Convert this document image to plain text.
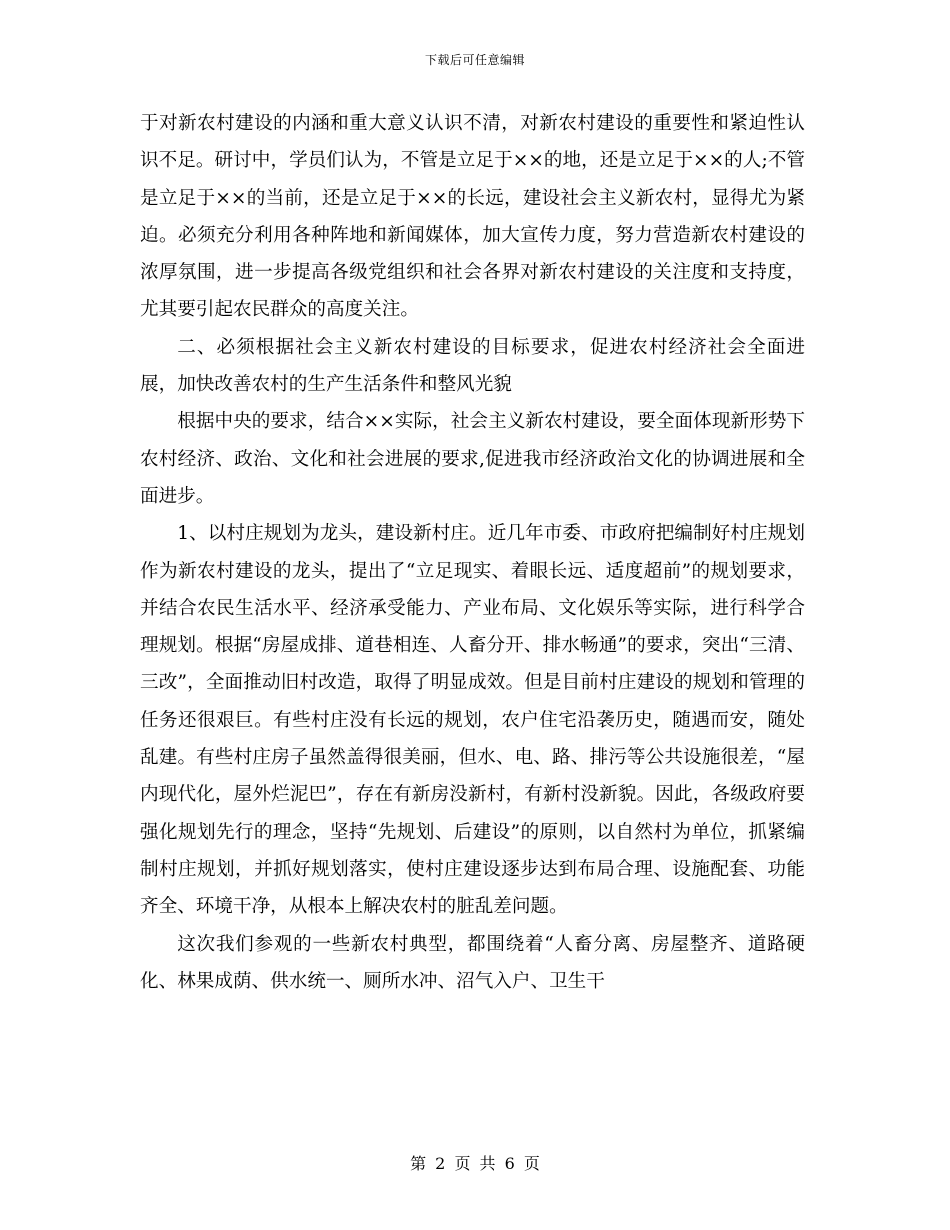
下载后可任意编辑

于对新农村建设的内涵和重大意义认识不清，对新农村建设的重要性和紧迫性认识不足。研讨中，学员们认为，不管是立足于××的地，还是立足于××的人;不管是立足于××的当前，还是立足于××的长远，建设社会主义新农村，显得尤为紧迫。必须充分利用各种阵地和新闻媒体，加大宣传力度，努力营造新农村建设的浓厚氛围，进一步提高各级党组织和社会各界对新农村建设的关注度和支持度，尤其要引起农民群众的高度关注。

二、必须根据社会主义新农村建设的目标要求，促进农村经济社会全面进展，加快改善农村的生产生活条件和整风光貌

根据中央的要求，结合××实际，社会主义新农村建设，要全面体现新形势下农村经济、政治、文化和社会进展的要求,促进我市经济政治文化的协调进展和全面进步。

1、以村庄规划为龙头，建设新村庄。近几年市委、市政府把编制好村庄规划作为新农村建设的龙头，提出了“立足现实、着眼长远、适度超前”的规划要求，并结合农民生活水平、经济承受能力、产业布局、文化娱乐等实际，进行科学合理规划。根据“房屋成排、道巷相连、人畜分开、排水畅通”的要求，突出“三清、三改”，全面推动旧村改造，取得了明显成效。但是目前村庄建设的规划和管理的任务还很艰巨。有些村庄没有长远的规划，农户住宅沿袭历史，随遇而安，随处乱建。有些村庄房子虽然盖得很美丽，但水、电、路、排污等公共设施很差，“屋内现代化，屋外烂泥巴”，存在有新房没新村，有新村没新貌。因此，各级政府要强化规划先行的理念，坚持“先规划、后建设”的原则，以自然村为单位，抓紧编制村庄规划，并抓好规划落实，使村庄建设逐步达到布局合理、设施配套、功能齐全、环境干净，从根本上解决农村的脏乱差问题。

这次我们参观的一些新农村典型，都围绕着“人畜分离、房屋整齐、道路硬化、林果成荫、供水统一、厕所水冲、沼气入户、卫生干

第 2 页 共 6 页
